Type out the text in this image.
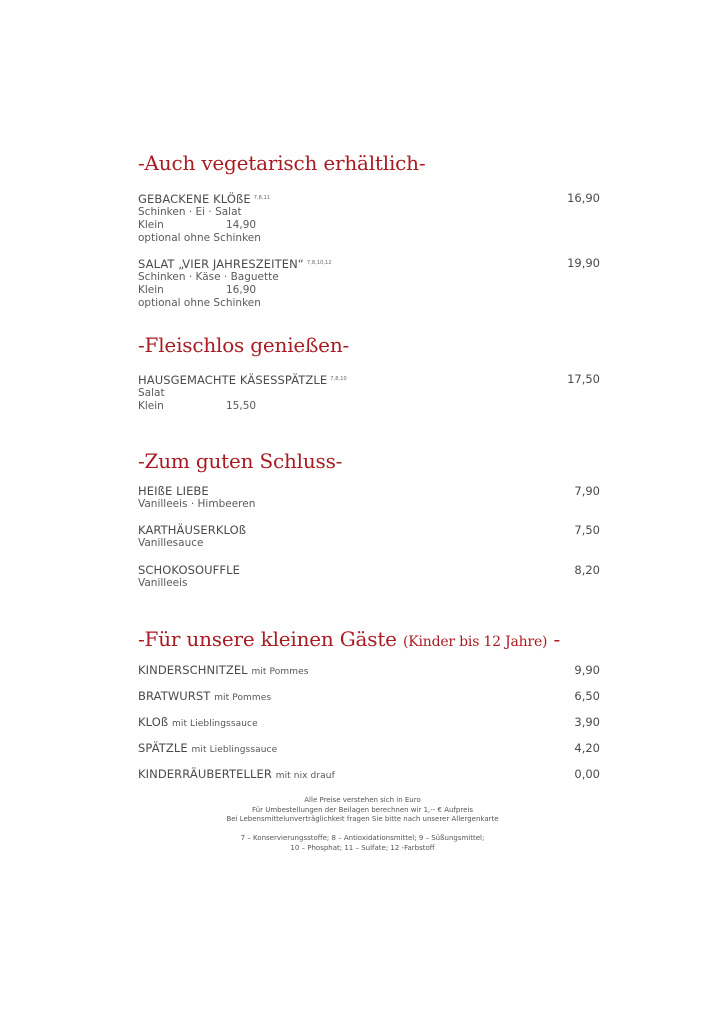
-Auch vegetarisch erhältlich-
GEBACKENE KLÖßE $^{7,8,11}$
Schinken · Ei · Salat
Klein	14,90
optional ohne Schinken
16,90
SALAT „VIER JAHRESZEITEN“ $^{7,8,10,12}$
Schinken · Käse · Baguette
Klein	16,90
optional ohne Schinken
19,90
-Fleischlos genießen-
HAUSGEMACHTE KÄSESSPÄTZLE $^{7,8,10}$
Salat
Klein	15,50
17,50
-Zum guten Schluss-
HEIßE LIEBE
Vanilleeis · Himbeeren
7,90
KARTHÄUSERKLOß
Vanillesauce
7,50
SCHOKOSOUFFLE
Vanilleeis
8,20
-Für unsere kleinen Gäste (Kinder bis 12 Jahre) -
KINDERSCHNITZEL mit Pommes	9,90
BRATWURST mit Pommes	6,50
KLOß mit Lieblingssauce	3,90
SPÄTZLE mit Lieblingssauce	4,20
KINDERRÄUBERTELLER mit nix drauf	0,00
Alle Preise verstehen sich in Euro
Für Umbestellungen der Beilagen berechnen wir 1,-- € Aufpreis
Bei Lebensmittelunverträglichkeit fragen Sie bitte nach unserer Allergenkarte
7 – Konservierungsstoffe; 8 – Antioxidationsmittel; 9 – Süßungsmittel;
10 – Phosphat; 11 – Sulfate; 12 -Farbstoff
